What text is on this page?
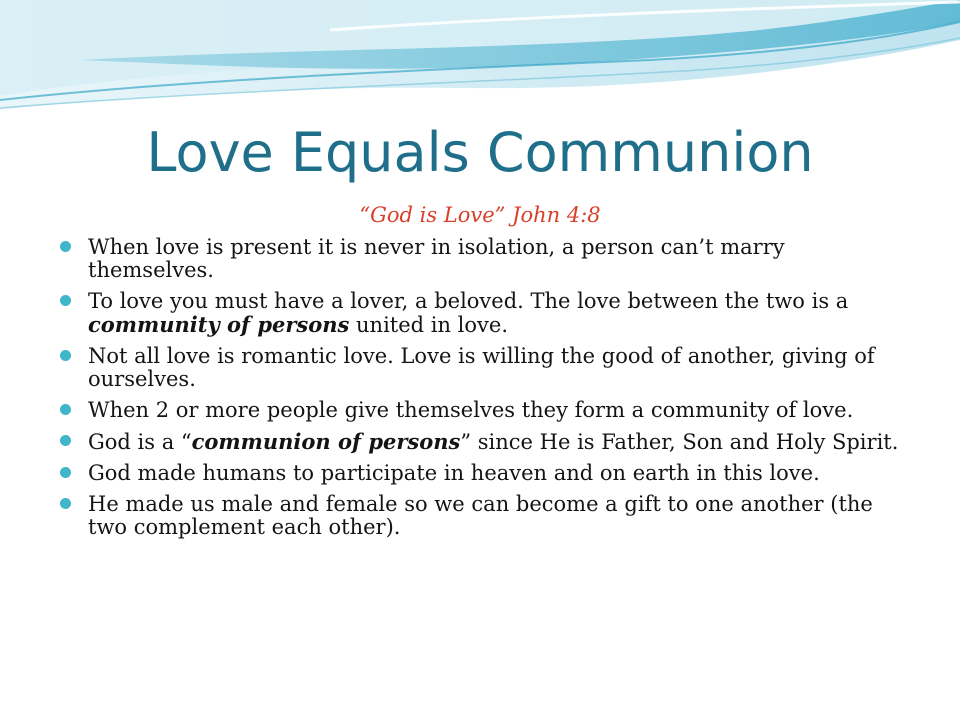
Love Equals Communion
“God is Love” John 4:8
When love is present it is never in isolation, a person can’t marry themselves.
To love you must have a lover, a beloved. The love between the two is a community of persons united in love.
Not all love is romantic love. Love is willing the good of another, giving of ourselves.
When 2 or more people give themselves they form a community of love.
God is a “communion of persons” since He is Father, Son and Holy Spirit.
God made humans to participate in heaven and on earth in this love.
He made us male and female so we can become a gift to one another (the two complement each other).
